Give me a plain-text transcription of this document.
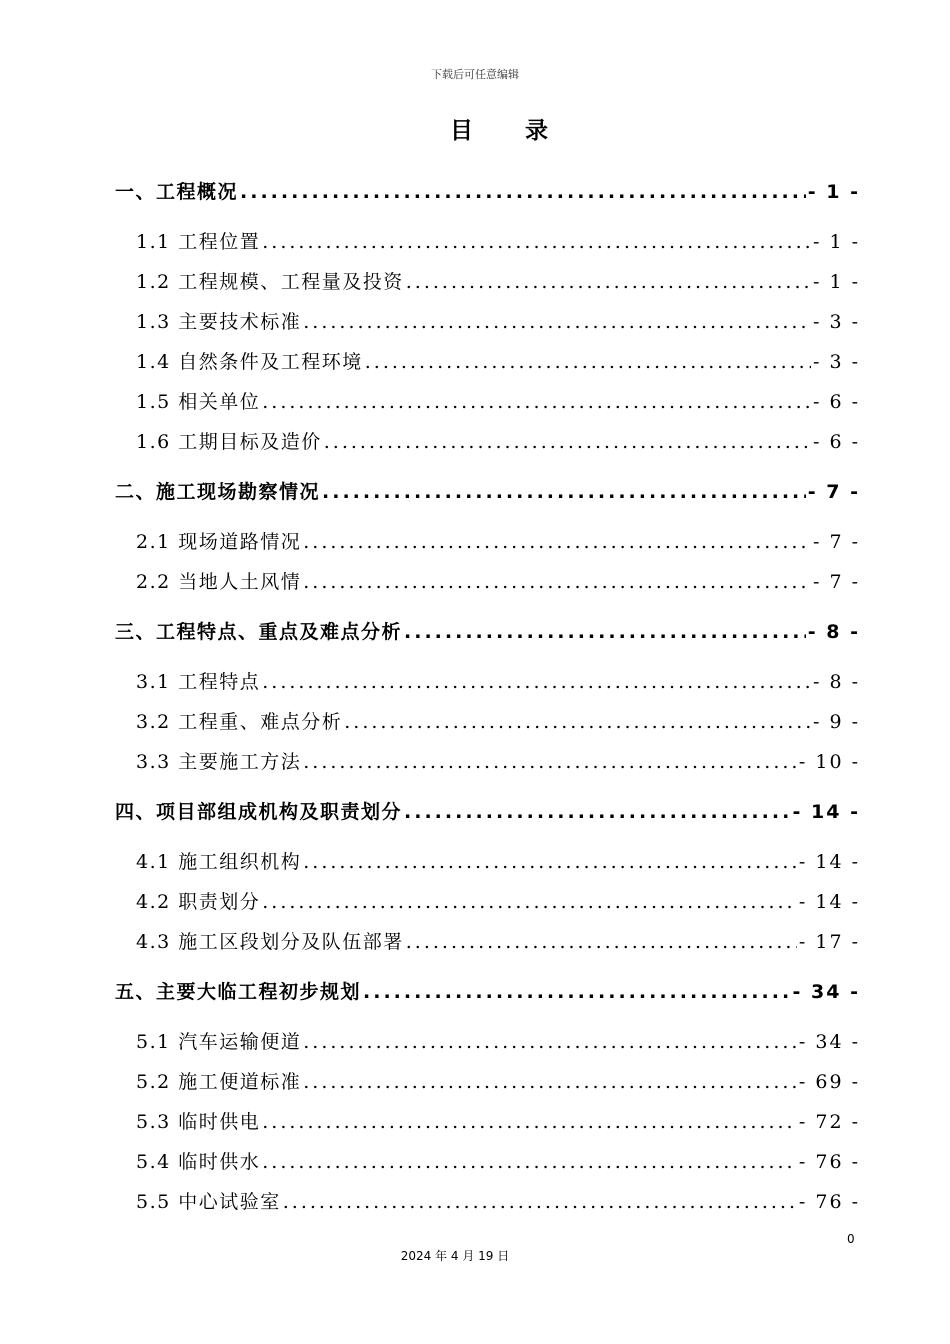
下载后可任意编辑
目 录
一、工程概况 .....	- 1 -
1.1 工程位置 .....	- 1 -
1.2 工程规模、工程量及投资 .....	- 1 -
1.3 主要技术标准 .....	- 3 -
1.4 自然条件及工程环境 .....	- 3 -
1.5 相关单位 .....	- 6 -
1.6 工期目标及造价 .....	- 6 -
二、施工现场勘察情况 .....	- 7 -
2.1 现场道路情况 .....	- 7 -
2.2 当地人土风情 .....	- 7 -
三、工程特点、重点及难点分析 .....	- 8 -
3.1 工程特点 .....	- 8 -
3.2 工程重、难点分析 .....	- 9 -
3.3 主要施工方法 .....	- 10 -
四、项目部组成机构及职责划分 .....	- 14 -
4.1 施工组织机构 .....	- 14 -
4.2 职责划分 .....	- 14 -
4.3 施工区段划分及队伍部署 .....	- 17 -
五、主要大临工程初步规划 .....	- 34 -
5.1 汽车运输便道 .....	- 34 -
5.2 施工便道标准 .....	- 69 -
5.3 临时供电 .....	- 72 -
5.4 临时供水 .....	- 76 -
5.5 中心试验室 .....	- 76 -
0
2024 年 4 月 19 日
